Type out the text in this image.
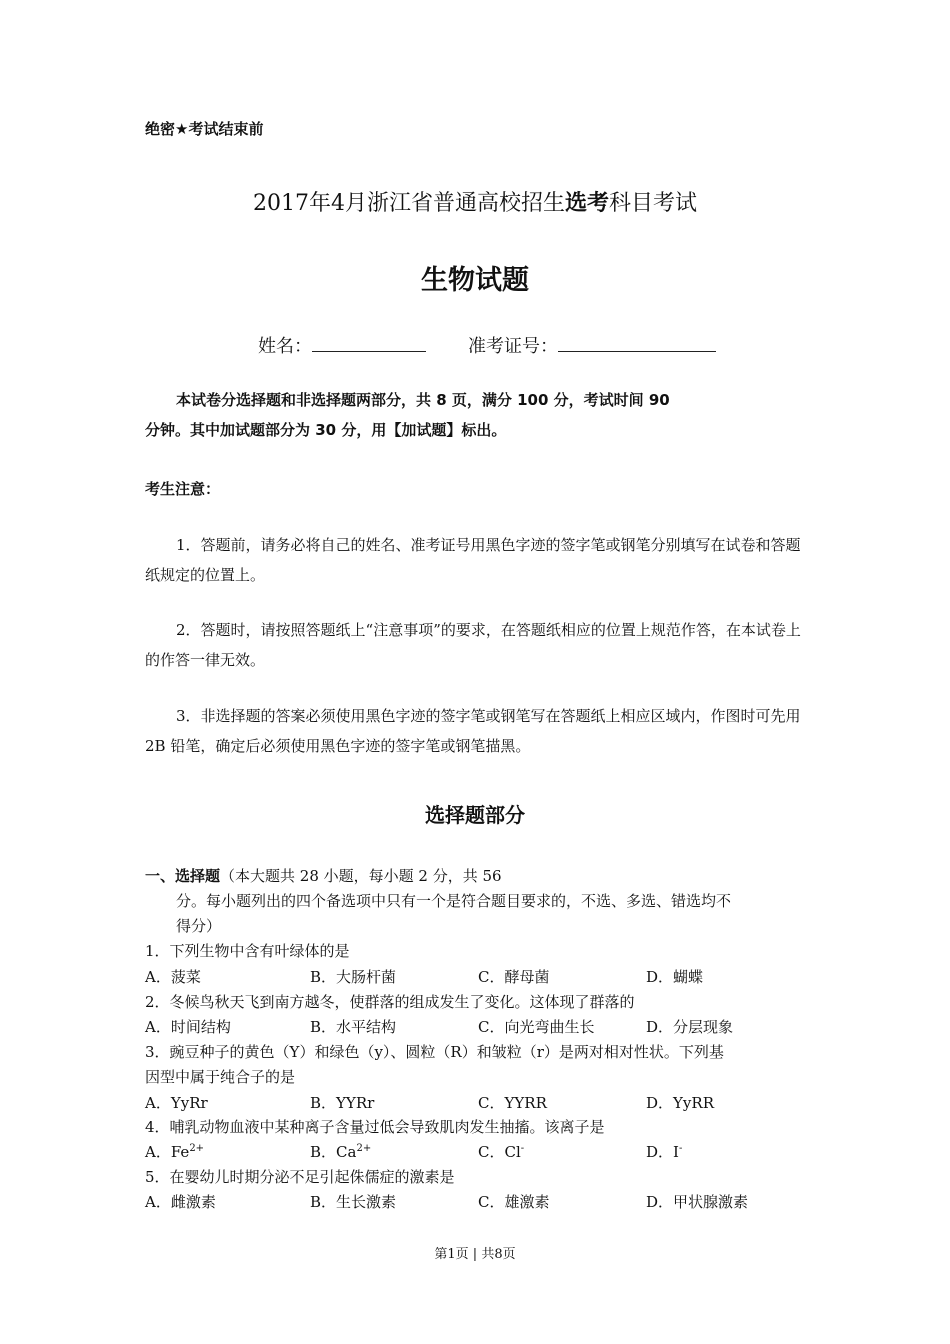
绝密★考试结束前
2017年4月浙江省普通高校招生选考科目考试
生物试题
姓名：	准考证号：
本试卷分选择题和非选择题两部分，共 8 页，满分 100 分，考试时间 90
分钟。其中加试题部分为 30 分，用【加试题】标出。
考生注意：
1．答题前，请务必将自己的姓名、准考证号用黑色字迹的签字笔或钢笔分别填写在试卷和答题纸规定的位置上。
2．答题时，请按照答题纸上“注意事项”的要求，在答题纸相应的位置上规范作答，在本试卷上的作答一律无效。
3．非选择题的答案必须使用黑色字迹的签字笔或钢笔写在答题纸上相应区域内，作图时可先用 2B 铅笔，确定后必须使用黑色字迹的签字笔或钢笔描黑。
选择题部分
一、选择题（本大题共 28 小题，每小题 2 分，共 56
分。每小题列出的四个备选项中只有一个是符合题目要求的，不选、多选、错选均不
得分）
1．下列生物中含有叶绿体的是
A．菠菜	B．大肠杆菌	C．酵母菌	D．蝴蝶
2．冬候鸟秋天飞到南方越冬，使群落的组成发生了变化。这体现了群落的
A．时间结构	B．水平结构	C．向光弯曲生长	D．分层现象
3．豌豆种子的黄色（Y）和绿色（y）、圆粒（R）和皱粒（r）是两对相对性状。下列基
因型中属于纯合子的是
A．YyRr	B．YYRr	C．YYRR	D．YyRR
4．哺乳动物血液中某种离子含量过低会导致肌肉发生抽搐。该离子是
A．$Fe^{2+}$	B．$Ca^{2+}$	C．Cl-	D．I-
5．在婴幼儿时期分泌不足引起侏儒症的激素是
A．雌激素	B．生长激素	C．雄激素	D．甲状腺激素
第1页 | 共8页
